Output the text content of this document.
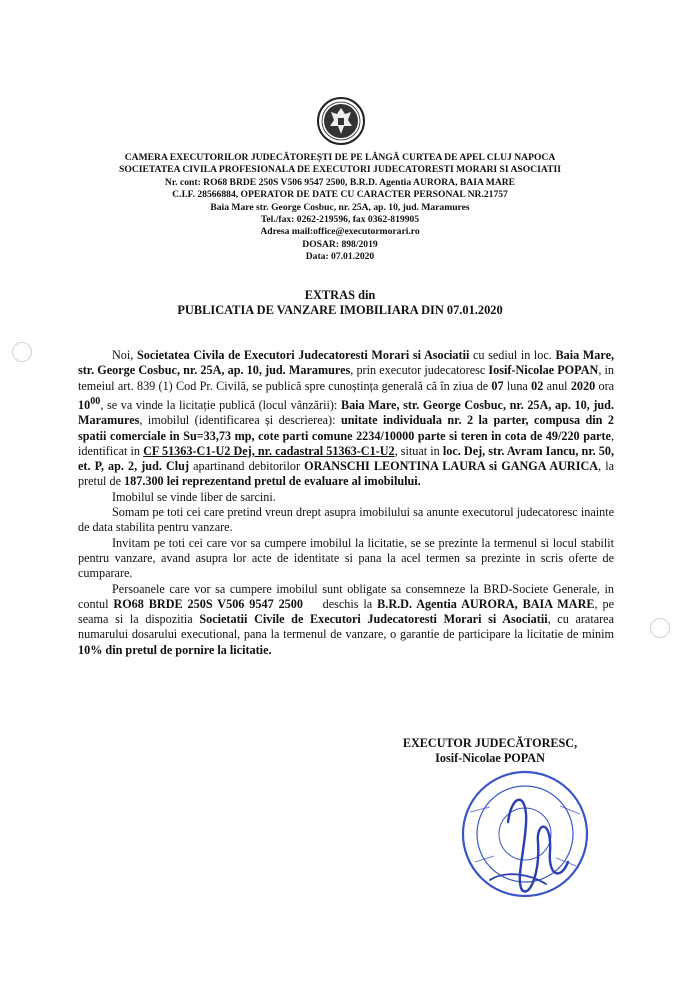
CAMERA EXECUTORILOR JUDECĂTOREȘTI DE PE LÂNGĂ CURTEA DE APEL CLUJ NAPOCA
SOCIETATEA CIVILA PROFESIONALA DE EXECUTORI JUDECATORESTI MORARI SI ASOCIATII
Nr. cont: RO68 BRDE 250S V506 9547 2500, B.R.D. Agentia AURORA, BAIA MARE
C.I.F. 28566884, OPERATOR DE DATE CU CARACTER PERSONAL NR.21757
Baia Mare str. George Cosbuc, nr. 25A, ap. 10, jud. Maramures
Tel./fax: 0262-219596, fax 0362-819905
Adresa mail:office@executormorari.ro
DOSAR: 898/2019
Data: 07.01.2020
EXTRAS din
PUBLICATIA DE VANZARE IMOBILIARA DIN 07.01.2020

Noi, Societatea Civila de Executori Judecatoresti Morari si Asociatii cu sediul in loc. Baia Mare, str. George Cosbuc, nr. 25A, ap. 10, jud. Maramures, prin executor judecatoresc Iosif-Nicolae POPAN, in temeiul art. 839 (1) Cod Pr. Civilă, se publică spre cunoștința generală că în ziua de 07 luna 02 anul 2020 ora $10^{00}$, se va vinde la licitație publică (locul vânzării): Baia Mare, str. George Cosbuc, nr. 25A, ap. 10, jud. Maramures, imobilul (identificarea și descrierea): unitate individuala nr. 2 la parter, compusa din 2 spatii comerciale in Su=33,73 mp, cote parti comune 2234/10000 parte si teren in cota de 49/220 parte, identificat in CF 51363-C1-U2 Dej, nr. cadastral 51363-C1-U2, situat in loc. Dej, str. Avram Iancu, nr. 50, et. P, ap. 2, jud. Cluj apartinand debitorilor ORANSCHI LEONTINA LAURA si GANGA AURICA, la pretul de 187.300 lei reprezentand pretul de evaluare al imobilului.

Imobilul se vinde liber de sarcini.

Somam pe toti cei care pretind vreun drept asupra imobilului sa anunte executorul judecatoresc inainte de data stabilita pentru vanzare.

Invitam pe toti cei care vor sa cumpere imobilul la licitatie, se se prezinte la termenul si locul stabilit pentru vanzare, avand asupra lor acte de identitate si pana la acel termen sa prezinte in scris oferte de cumparare.

Persoanele care vor sa cumpere imobilul sunt obligate sa consemneze la BRD-Societe Generale, in contul RO68 BRDE 250S V506 9547 2500    deschis la B.R.D. Agentia AURORA, BAIA MARE, pe seama si la dispozitia Societatii Civile de Executori Judecatoresti Morari si Asociatii, cu aratarea numarului dosarului executional, pana la termenul de vanzare, o garantie de participare la licitatie de minim 10% din pretul de pornire la licitatie.

EXECUTOR JUDECĂTORESC,
Iosif-Nicolae POPAN
